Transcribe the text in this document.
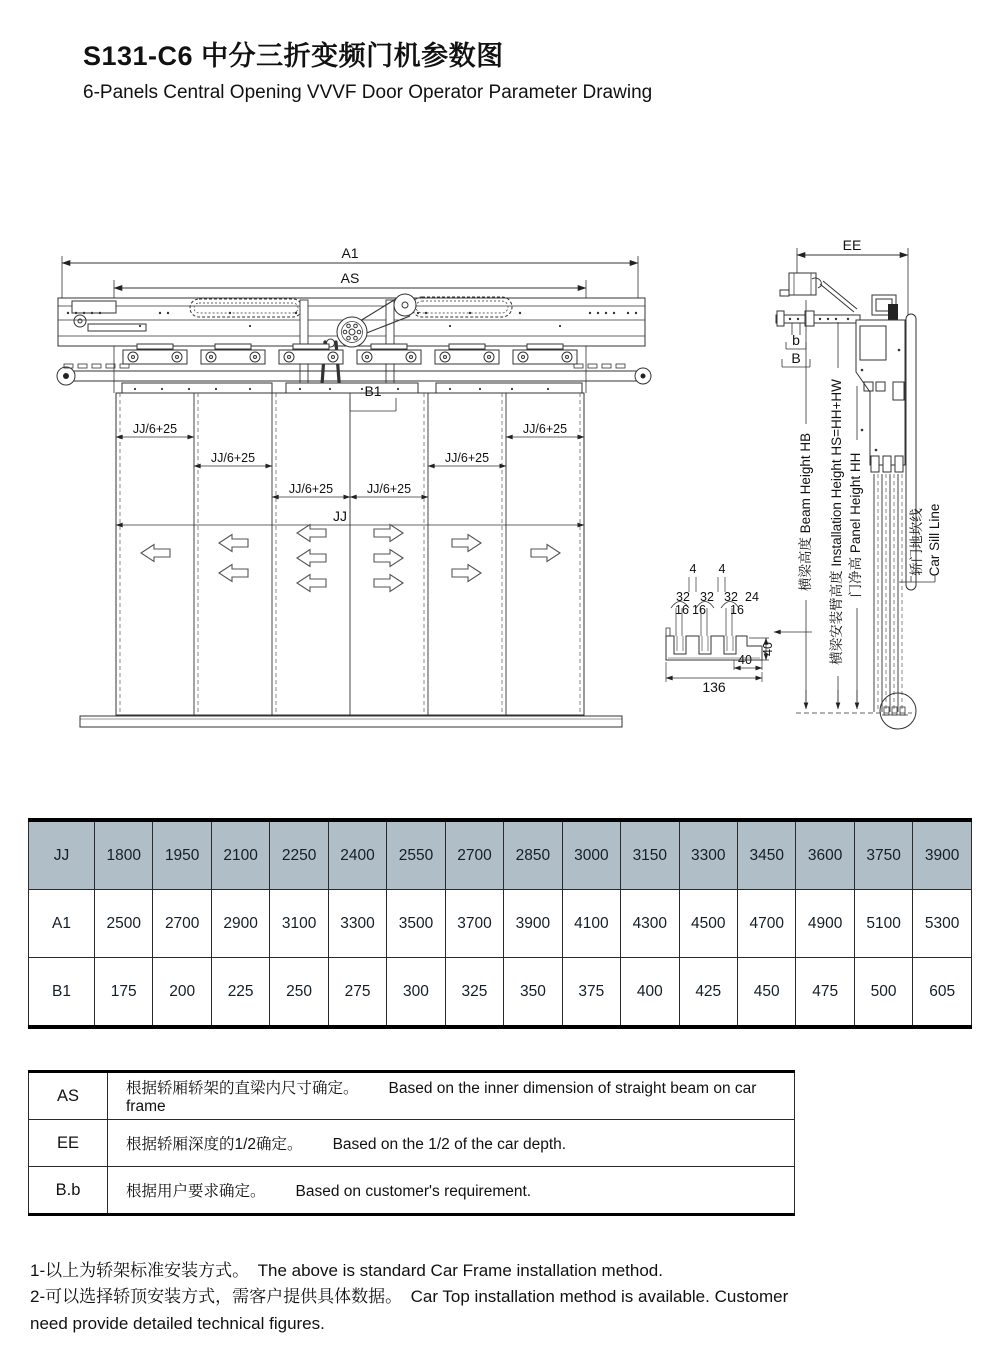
S131-C6 中分三折变频门机参数图
6-Panels Central Opening VVVF Door Operator Parameter Drawing
A1
AS
JJ/6+25
JJ/6+25
JJ/6+25	JJ/6+25
JJ/6+25
JJ/6+25
JJ
B1
EE
b
B
横梁高度 Beam Height HB 横梁安装臂高度 Installation Height HS=HH+HW 门净高 Panel Height HH	轿门地坎线 Car Sill Line
4 4
32 32 32 24
16 16 16
40
40
136
JJ	1800	1950	2100	2250	2400	2550	2700	2850	3000	3150	3300	3450	3600	3750	3900
A1	2500	2700	2900	3100	3300	3500	3700	3900	4100	4300	4500	4700	4900	5100	5300
B1	175	200	225	250	275	300	325	350	375	400	425	450	475	500	605
AS	根据轿厢轿架的直梁内尺寸确定。 Based on the inner dimension of straight beam on car frame
EE	根据轿厢深度的1/2确定。 Based on the 1/2 of the car depth.
B.b	根据用户要求确定。 Based on customer's requirement.

1-以上为轿架标准安装方式。　The above is standard Car Frame installation method.

2-可以选择轿顶安装方式，需客户提供具体数据。　Car Top installation method is available. Customer need provide detailed technical figures.
